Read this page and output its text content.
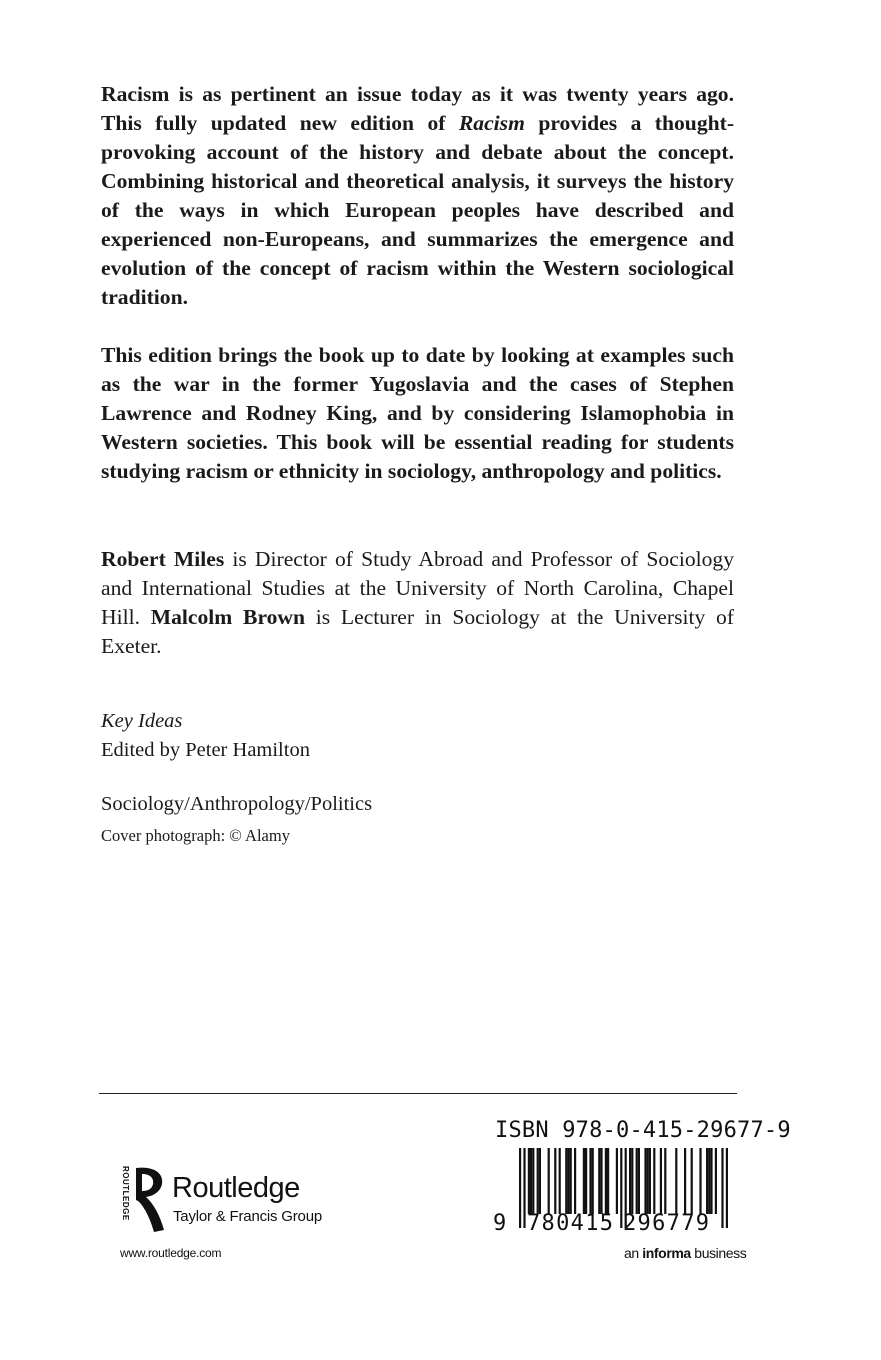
Racism is as pertinent an issue today as it was twenty years ago. This fully updated new edition of Racism provides a thought-provoking account of the history and debate about the concept. Combining historical and theoretical analysis, it surveys the history of the ways in which European peoples have described and experienced non-Europeans, and summarizes the emergence and evolution of the concept of racism within the Western sociological tradition.

This edition brings the book up to date by looking at examples such as the war in the former Yugoslavia and the cases of Stephen Lawrence and Rodney King, and by considering Islamophobia in Western societies. This book will be essential reading for students studying racism or ethnicity in sociology, anthropology and politics.

Robert Miles is Director of Study Abroad and Professor of Sociology and International Studies at the University of North Carolina, Chapel Hill. Malcolm Brown is Lecturer in Sociology at the University of Exeter.

Key Ideas
Edited by Peter Hamilton

Sociology/Anthropology/Politics

Cover photograph: © Alamy

ROUTLEDGE Routledge
Taylor & Francis Group
www.routledge.com
ISBN 978-0-415-29677-9
9 780415 296779
an informa business
